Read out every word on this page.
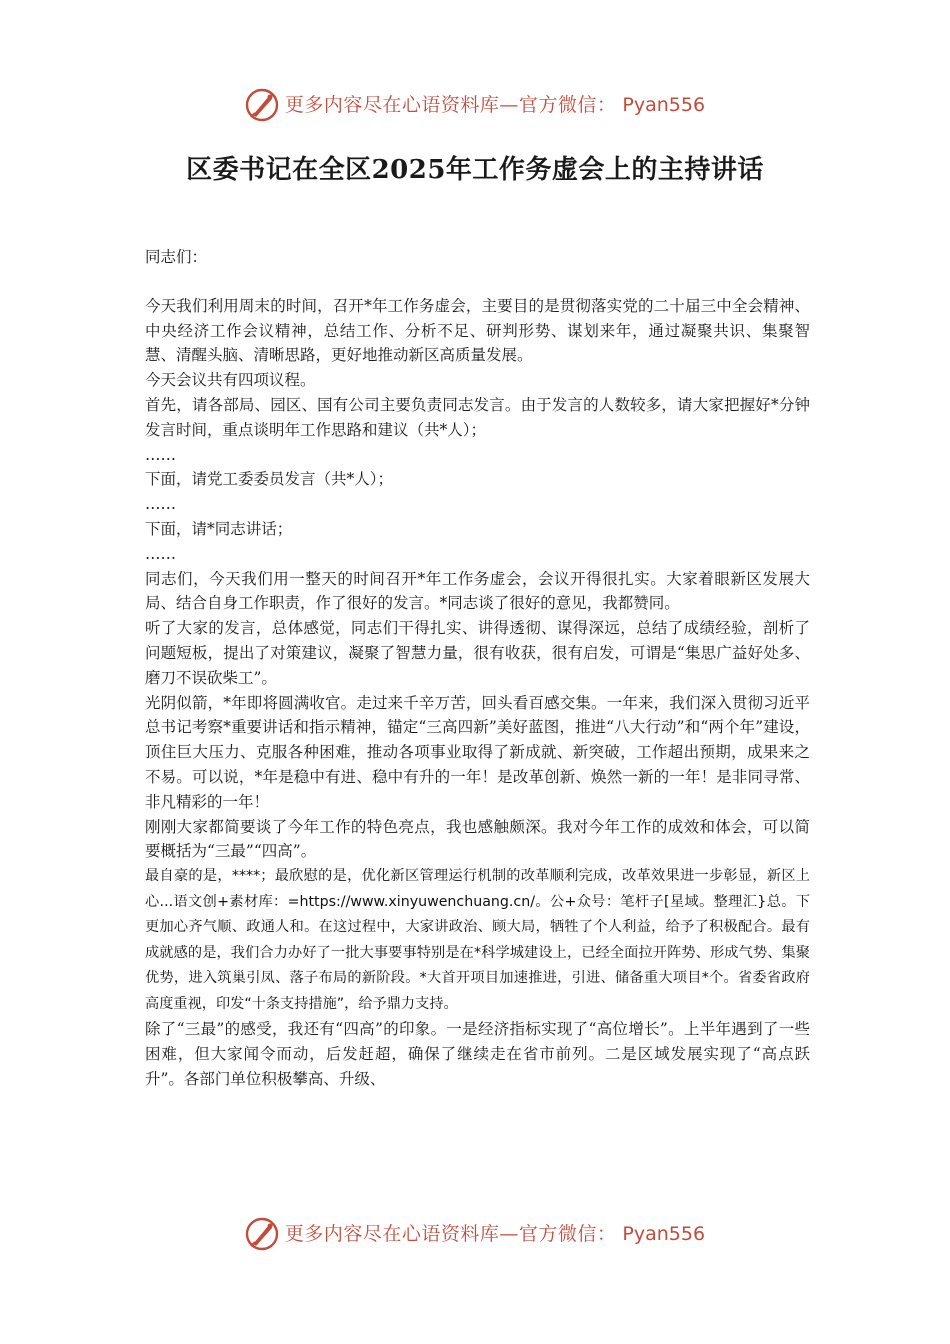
更多内容尽在心语资料库—官方微信： Pyan556
区委书记在全区2025年工作务虚会上的主持讲话

同志们：

今天我们利用周末的时间，召开*年工作务虚会，主要目的是贯彻落实党的二十届三中全会精神、中央经济工作会议精神，总结工作、分析不足、研判形势、谋划来年，通过凝聚共识、集聚智慧、清醒头脑、清晰思路，更好地推动新区高质量发展。

今天会议共有四项议程。

首先，请各部局、园区、国有公司主要负责同志发言。由于发言的人数较多，请大家把握好*分钟发言时间，重点谈明年工作思路和建议（共*人）；

……

下面，请党工委委员发言（共*人）；

……

下面，请*同志讲话；

……

同志们，今天我们用一整天的时间召开*年工作务虚会，会议开得很扎实。大家着眼新区发展大局、结合自身工作职责，作了很好的发言。*同志谈了很好的意见，我都赞同。

听了大家的发言，总体感觉，同志们干得扎实、讲得透彻、谋得深远，总结了成绩经验，剖析了问题短板，提出了对策建议，凝聚了智慧力量，很有收获，很有启发，可谓是“集思广益好处多、磨刀不误砍柴工”。

光阴似箭，*年即将圆满收官。走过来千辛万苦，回头看百感交集。一年来，我们深入贯彻习近平总书记考察*重要讲话和指示精神，锚定“三高四新”美好蓝图，推进“八大行动”和“两个年”建设，顶住巨大压力、克服各种困难，推动各项事业取得了新成就、新突破，工作超出预期，成果来之不易。可以说，*年是稳中有进、稳中有升的一年！是改革创新、焕然一新的一年！是非同寻常、非凡精彩的一年！

刚刚大家都简要谈了今年工作的特色亮点，我也感触颇深。我对今年工作的成效和体会，可以简要概括为“三最”“四高”。

最自豪的是，****；最欣慰的是，优化新区管理运行机制的改革顺利完成，改革效果进一步彰显，新区上心...语文创+素材库：=https://www.xinyuwenchuang.cn/。公+众号：笔杆子[星域。整理汇}总。下更加心齐气顺、政通人和。在这过程中，大家讲政治、顾大局，牺牲了个人利益，给予了积极配合。最有成就感的是，我们合力办好了一批大事要事特别是在*科学城建设上，已经全面拉开阵势、形成气势、集聚优势，进入筑巢引凤、落子布局的新阶段。*大首开项目加速推进，引进、储备重大项目*个。省委省政府高度重视，印发“十条支持措施”，给予鼎力支持。

除了“三最”的感受，我还有“四高”的印象。一是经济指标实现了“高位增长”。上半年遇到了一些困难，但大家闻令而动，后发赶超，确保了继续走在省市前列。二是区域发展实现了“高点跃升”。各部门单位积极攀高、升级、

更多内容尽在心语资料库—官方微信： Pyan556
